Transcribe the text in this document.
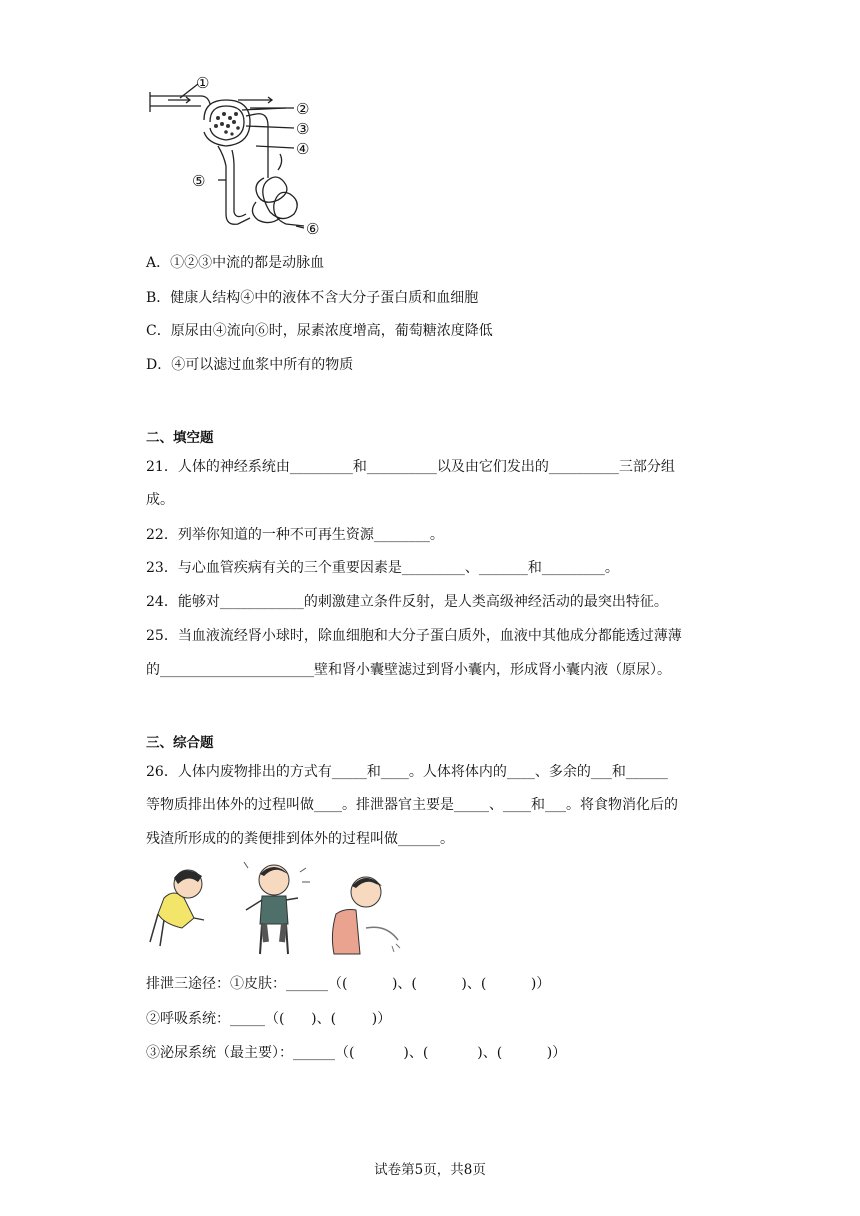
①
②
③
④
⑤
⑥
A．①②③中流的都是动脉血
B．健康人结构④中的液体不含大分子蛋白质和血细胞
C．原尿由④流向⑥时，尿素浓度增高，葡萄糖浓度降低
D．④可以滤过血浆中所有的物质
二、填空题
21．人体的神经系统由_________和__________以及由它们发出的__________三部分组
成。
22．列举你知道的一种不可再生资源________。
23．与心血管疾病有关的三个重要因素是_________、_______和_________。
24．能够对____________的刺激建立条件反射，是人类高级神经活动的最突出特征。
25．当血液流经肾小球时，除血细胞和大分子蛋白质外，血液中其他成分都能透过薄薄
的______________________壁和肾小囊壁滤过到肾小囊内，形成肾小囊内液（原尿）。
三、综合题
26．人体内废物排出的方式有_____和____。人体将体内的____、多余的___和______
等物质排出体外的过程叫做____。排泄器官主要是_____、____和___。将食物消化后的
残渣所形成的的粪便排到体外的过程叫做______。
排泄三途径：①皮肤：______（(          )、(          )、(          )）
②呼吸系统：_____（(      )、(        )）
③泌尿系统（最主要）：______（(           )、(           )、(          )）
试卷第5页，共8页
